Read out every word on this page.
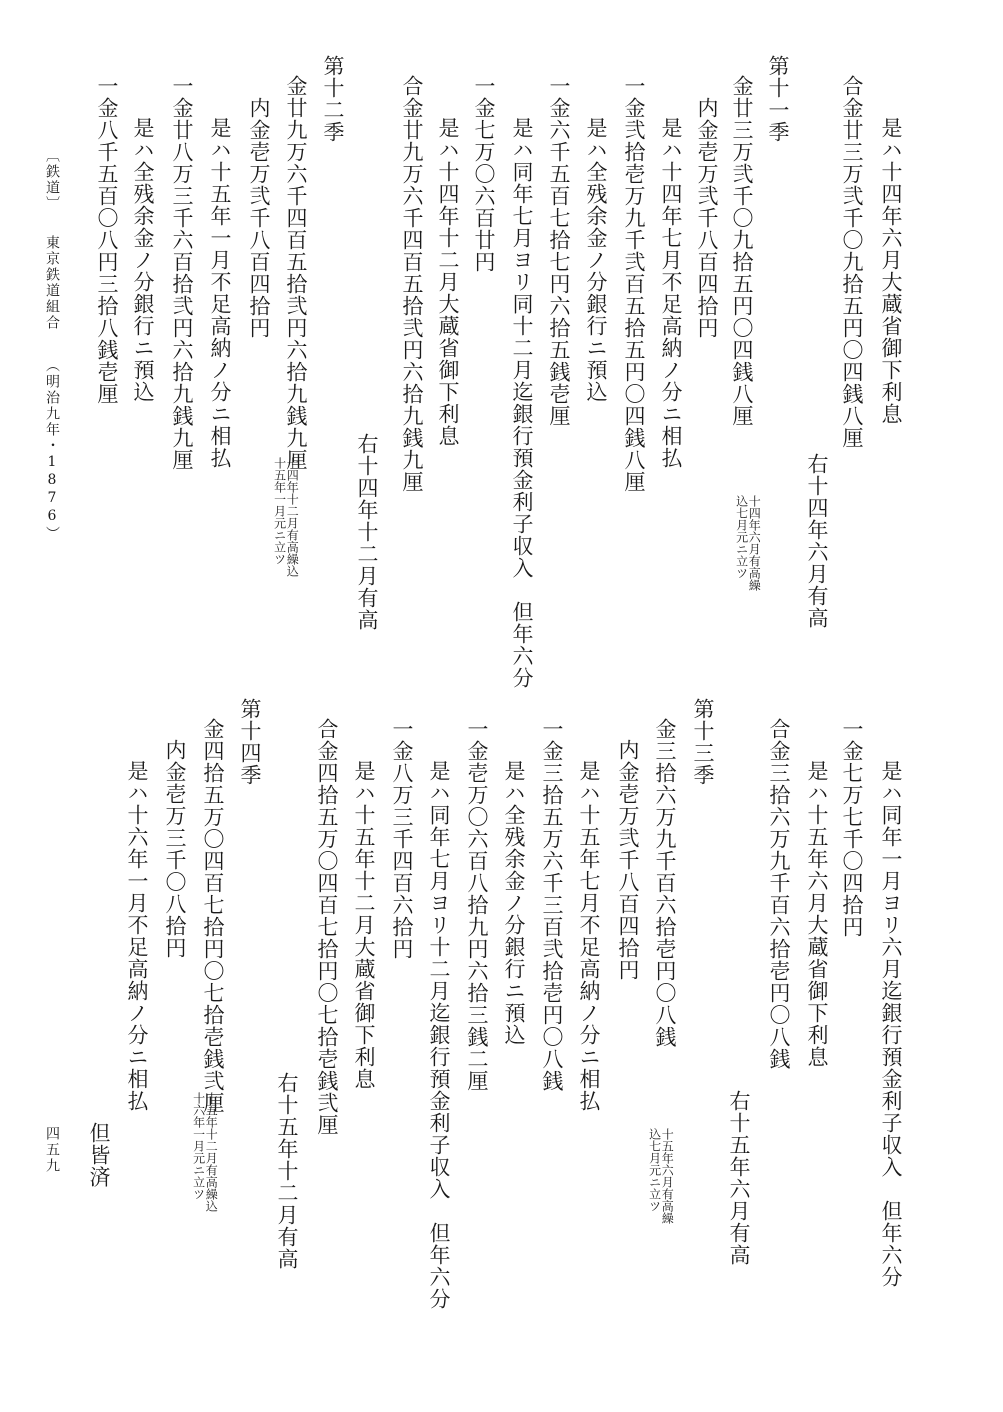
是ハ十四年六月大蔵省御下利息
合金廿三万弐千〇九拾五円〇四銭八厘
右十四年六月有高
十四年六月有高繰
込七月元ニ立ツ
第十一季
金廿三万弐千〇九拾五円〇四銭八厘
内金壱万弐千八百四拾円
是ハ十四年七月不足高納ノ分ニ相払
一金弐拾壱万九千弐百五拾五円〇四銭八厘
是ハ全残余金ノ分銀行ニ預込
一金六千五百七拾七円六拾五銭壱厘
是ハ同年七月ヨリ同十二月迄銀行預金利子収入　但年六分
一金七万〇六百廿円
是ハ十四年十二月大蔵省御下利息
合金廿九万六千四百五拾弐円六拾九銭九厘
右十四年十二月有高
十四年十二月有高繰込
十五年一月元ニ立ツ
第十二季
金廿九万六千四百五拾弐円六拾九銭九厘
内金壱万弐千八百四拾円
是ハ十五年一月不足高納ノ分ニ相払
一金廿八万三千六百拾弐円六拾九銭九厘
是ハ全残余金ノ分銀行ニ預込
一金八千五百〇八円三拾八銭壱厘
是ハ同年一月ヨリ六月迄銀行預金利子収入　但年六分
一金七万七千〇四拾円
是ハ十五年六月大蔵省御下利息
合金三拾六万九千百六拾壱円〇八銭
右十五年六月有高
十五年六月有高繰
込七月元ニ立ツ
第十三季
金三拾六万九千百六拾壱円〇八銭
内金壱万弐千八百四拾円
是ハ十五年七月不足高納ノ分ニ相払
一金三拾五万六千三百弐拾壱円〇八銭
是ハ全残余金ノ分銀行ニ預込
一金壱万〇六百八拾九円六拾三銭二厘
是ハ同年七月ヨリ十二月迄銀行預金利子収入　但年六分
一金八万三千四百六拾円
是ハ十五年十二月大蔵省御下利息
合金四拾五万〇四百七拾円〇七拾壱銭弐厘
右十五年十二月有高
十五年十二月有高繰込
十六年一月元ニ立ツ
第十四季
金四拾五万〇四百七拾円〇七拾壱銭弐厘
内金壱万三千〇八拾円
是ハ十六年一月不足高納ノ分ニ相払
但皆済
〔鉄道〕
東京鉄道組合
（明治九年・1876）
四五九
